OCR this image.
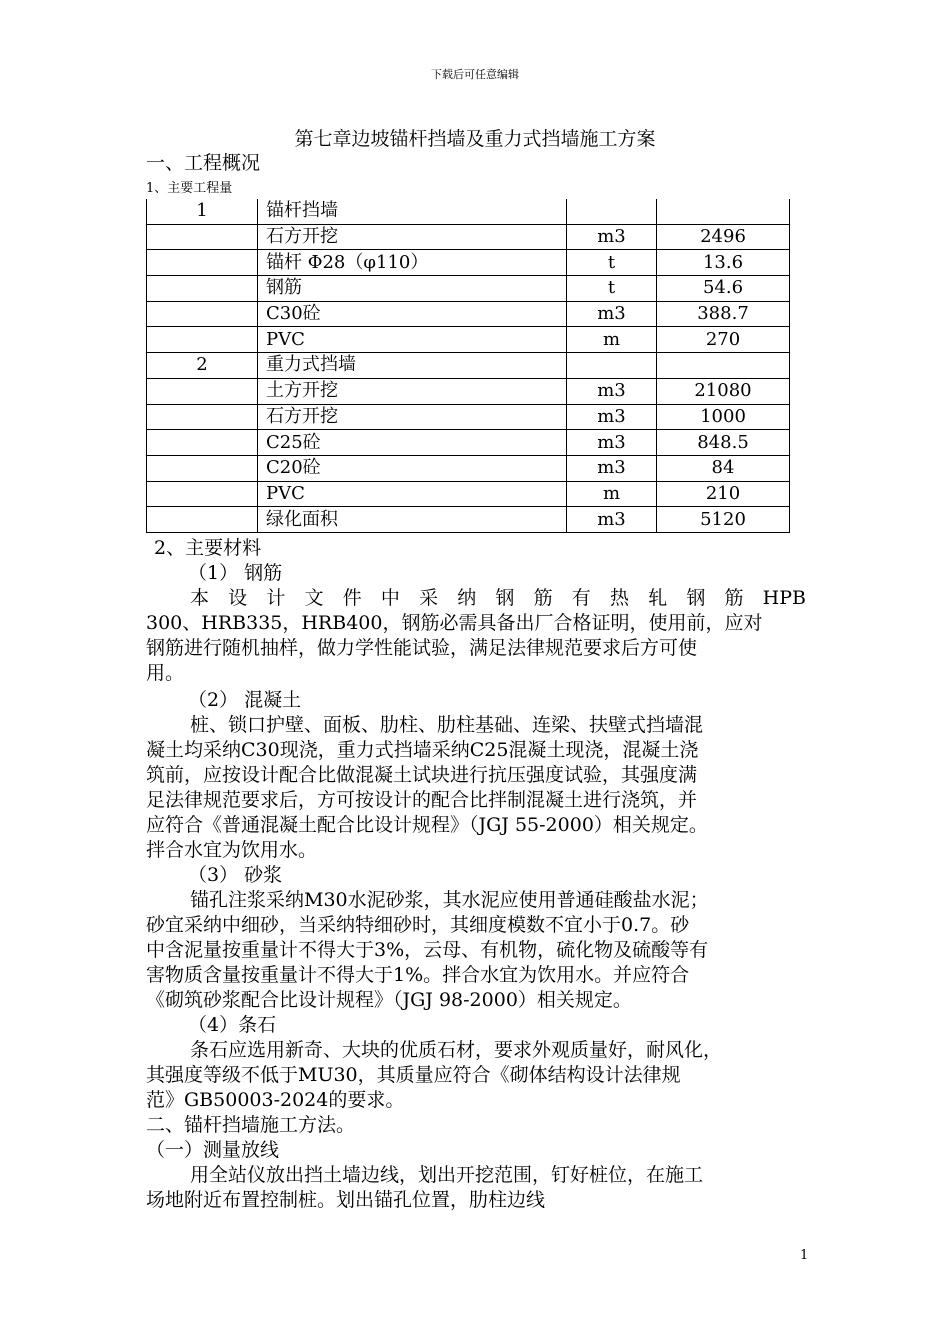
下载后可任意编辑
第七章边坡锚杆挡墙及重力式挡墙施工方案
一、工程概况
1、主要工程量
1	锚杆挡墙		
	石方开挖	m3	2496
	锚杆 Φ28（φ110）	t	13.6
	钢筋	t	54.6
	C30砼	m3	388.7
	PVC	m	270
2	重力式挡墙		
	土方开挖	m3	21080
	石方开挖	m3	1000
	C25砼	m3	848.5
	C20砼	m3	84
	PVC	m	210
	绿化面积	m3	5120
2、主要材料
（1） 钢筋
本 设 计 文 件 中 采 纳 钢 筋 有 热 轧 钢 筋 HPB
300、HRB335，HRB400，钢筋必需具备出厂合格证明，使用前，应对
钢筋进行随机抽样，做力学性能试验，满足法律规范要求后方可使
用。
（2） 混凝土
桩、锁口护壁、面板、肋柱、肋柱基础、连梁、扶壁式挡墙混
凝土均采纳C30现浇，重力式挡墙采纳C25混凝土现浇，混凝土浇
筑前，应按设计配合比做混凝土试块进行抗压强度试验，其强度满
足法律规范要求后，方可按设计的配合比拌制混凝土进行浇筑，并
应符合《普通混凝土配合比设计规程》（JGJ 55-2000）相关规定。
拌合水宜为饮用水。
（3） 砂浆
锚孔注浆采纳M30水泥砂浆，其水泥应使用普通硅酸盐水泥；
砂宜采纳中细砂，当采纳特细砂时，其细度模数不宜小于0.7。砂
中含泥量按重量计不得大于3%，云母、有机物，硫化物及硫酸等有
害物质含量按重量计不得大于1%。拌合水宜为饮用水。并应符合
《砌筑砂浆配合比设计规程》（JGJ 98-2000）相关规定。
（4）条石
条石应选用新奇、大块的优质石材，要求外观质量好，耐风化，
其强度等级不低于MU30，其质量应符合《砌体结构设计法律规
范》GB50003-2024的要求。
二、锚杆挡墙施工方法。
（一）测量放线
用全站仪放出挡土墙边线，划出开挖范围，钉好桩位，在施工
场地附近布置控制桩。划出锚孔位置，肋柱边线
1
